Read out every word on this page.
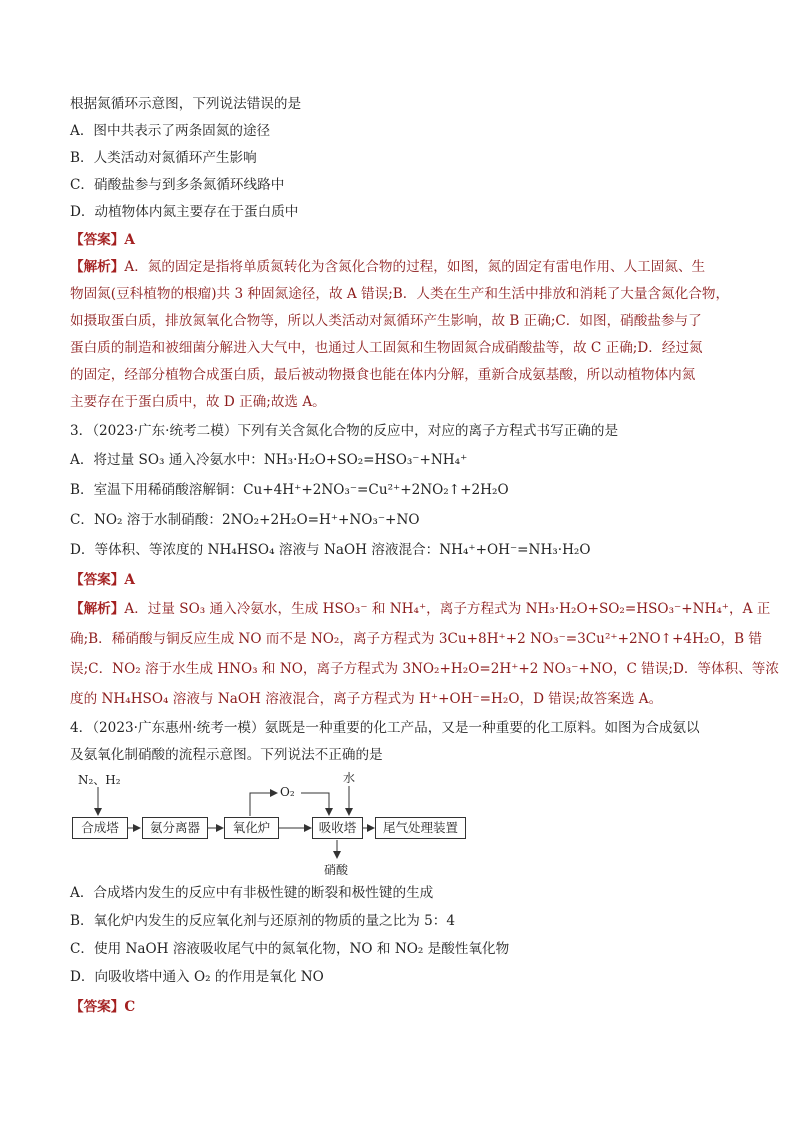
根据氮循环示意图，下列说法错误的是
A．图中共表示了两条固氮的途径
B．人类活动对氮循环产生影响
C．硝酸盐参与到多条氮循环线路中
D．动植物体内氮主要存在于蛋白质中
【答案】A
【解析】A．氮的固定是指将单质氮转化为含氮化合物的过程，如图，氮的固定有雷电作用、人工固氮、生
物固氮(豆科植物的根瘤)共 3 种固氮途径，故 A 错误;B．人类在生产和生活中排放和消耗了大量含氮化合物，
如摄取蛋白质，排放氮氧化合物等，所以人类活动对氮循环产生影响，故 B 正确;C．如图，硝酸盐参与了
蛋白质的制造和被细菌分解进入大气中，也通过人工固氮和生物固氮合成硝酸盐等，故 C 正确;D．经过氮
的固定，经部分植物合成蛋白质，最后被动物摄食也能在体内分解，重新合成氨基酸，所以动植物体内氮
主要存在于蛋白质中，故 D 正确;故选 A。
3．（2023·广东·统考二模）下列有关含氮化合物的反应中，对应的离子方程式书写正确的是
A．将过量 SO₃ 通入冷氨水中：NH₃·H₂O+SO₂=HSO₃⁻+NH₄⁺
B．室温下用稀硝酸溶解铜：Cu+4H⁺+2NO₃⁻=Cu²⁺+2NO₂↑+2H₂O
C．NO₂ 溶于水制硝酸：2NO₂+2H₂O=H⁺+NO₃⁻+NO
D．等体积、等浓度的 NH₄HSO₄ 溶液与 NaOH 溶液混合：NH₄⁺+OH⁻=NH₃·H₂O
【答案】A
【解析】A．过量 SO₃ 通入冷氨水，生成 HSO₃⁻ 和 NH₄⁺，离子方程式为 NH₃·H₂O+SO₂=HSO₃⁻+NH₄⁺，A 正
确;B．稀硝酸与铜反应生成 NO 而不是 NO₂，离子方程式为 3Cu+8H⁺+2 NO₃⁻=3Cu²⁺+2NO↑+4H₂O，B 错
误;C．NO₂ 溶于水生成 HNO₃ 和 NO，离子方程式为 3NO₂+H₂O=2H⁺+2 NO₃⁻+NO，C 错误;D．等体积、等浓
度的 NH₄HSO₄ 溶液与 NaOH 溶液混合，离子方程式为 H⁺+OH⁻=H₂O，D 错误;故答案选 A。
4．（2023·广东惠州·统考一模）氨既是一种重要的化工产品，又是一种重要的化工原料。如图为合成氨以
及氨氧化制硝酸的流程示意图。下列说法不正确的是
N₂、H₂
O₂
水
硝酸
合成塔	氨分离器	氧化炉	吸收塔	尾气处理装置
A．合成塔内发生的反应中有非极性键的断裂和极性键的生成
B．氧化炉内发生的反应氧化剂与还原剂的物质的量之比为 5：4
C．使用 NaOH 溶液吸收尾气中的氮氧化物，NO 和 NO₂ 是酸性氧化物
D．向吸收塔中通入 O₂ 的作用是氧化 NO
【答案】C
